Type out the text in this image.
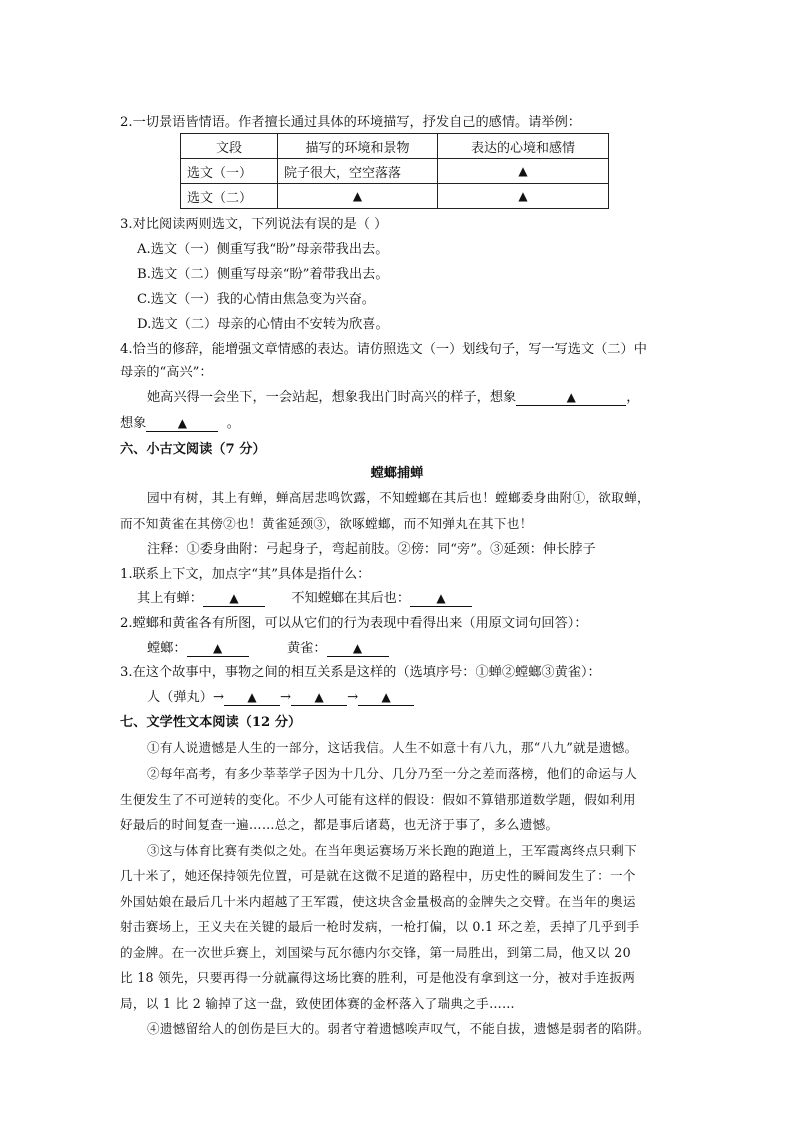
2.一切景语皆情语。作者擅长通过具体的环境描写，抒发自己的感情。请举例：
文段	描写的环境和景物	表达的心境和感情
选文（一）	院子很大，空空落落	▲
选文（二）	▲	▲
3.对比阅读两则选文，下列说法有误的是（ ）
A.选文（一）侧重写我“盼”母亲带我出去。
B.选文（二）侧重写母亲“盼”着带我出去。
C.选文（一）我的心情由焦急变为兴奋。
D.选文（二）母亲的心情由不安转为欣喜。
4.恰当的修辞，能增强文章情感的表达。请仿照选文（一）划线句子，写一写选文（二）中
母亲的“高兴”：
她高兴得一会坐下，一会站起，想象我出门时高兴的样子，想象	▲	，
想象	▲	。
六、小古文阅读（7 分）
螳螂捕蝉
园中有树，其上有蝉，蝉高居悲鸣饮露，不知螳螂在其后也！螳螂委身曲附①，欲取蝉，
而不知黄雀在其傍②也！黄雀延颈③，欲啄螳螂，而不知弹丸在其下也！
注释：①委身曲附：弓起身子，弯起前肢。②傍：同“旁”。③延颈：伸长脖子
1.联系上下文，加点字“其”具体是指什么：
其上有蝉： ▲	不知螳螂在其后也： ▲
2.螳螂和黄雀各有所图，可以从它们的行为表现中看得出来（用原文词句回答）：
螳螂： ▲	黄雀： ▲
3.在这个故事中，事物之间的相互关系是这样的（选填序号：①蝉②螳螂③黄雀）：
人（弹丸）→ ▲ → ▲ → ▲
七、文学性文本阅读（12 分）
①有人说遗憾是人生的一部分，这话我信。人生不如意十有八九，那“八九”就是遗憾。
②每年高考，有多少莘莘学子因为十几分、几分乃至一分之差而落榜，他们的命运与人
生便发生了不可逆转的变化。不少人可能有这样的假设：假如不算错那道数学题，假如利用
好最后的时间复查一遍……总之，都是事后诸葛，也无济于事了，多么遗憾。
③这与体育比赛有类似之处。在当年奥运赛场万米长跑的跑道上，王军霞离终点只剩下
几十米了，她还保持领先位置，可是就在这微不足道的路程中，历史性的瞬间发生了：一个
外国姑娘在最后几十米内超越了王军霞，使这块含金量极高的金牌失之交臂。在当年的奥运
射击赛场上，王义夫在关键的最后一枪时发病，一枪打偏，以 0.1 环之差，丢掉了几乎到手
的金牌。在一次世乒赛上，刘国梁与瓦尔德内尔交锋，第一局胜出，到第二局，他又以 20
比 18 领先，只要再得一分就赢得这场比赛的胜利，可是他没有拿到这一分，被对手连扳两
局，以 1 比 2 输掉了这一盘，致使团体赛的金杯落入了瑞典之手……
④遗憾留给人的创伤是巨大的。弱者守着遗憾唉声叹气，不能自拔，遗憾是弱者的陷阱。
